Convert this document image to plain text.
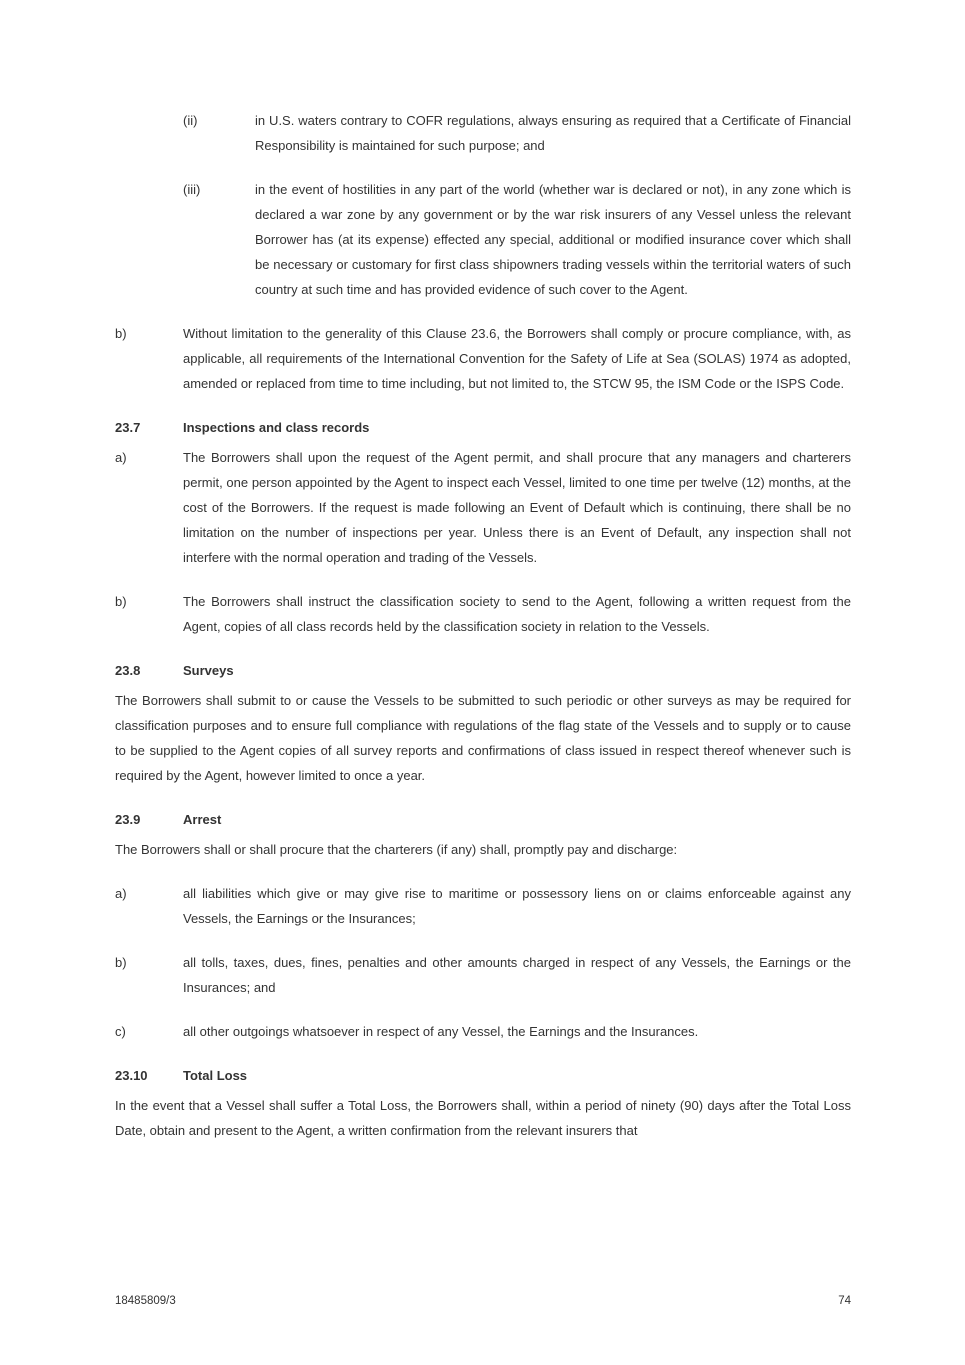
(ii)	in U.S. waters contrary to COFR regulations, always ensuring as required that a Certificate of Financial Responsibility is maintained for such purpose; and
(iii)	in the event of hostilities in any part of the world (whether war is declared or not), in any zone which is declared a war zone by any government or by the war risk insurers of any Vessel unless the relevant Borrower has (at its expense) effected any special, additional or modified insurance cover which shall be necessary or customary for first class shipowners trading vessels within the territorial waters of such country at such time and has provided evidence of such cover to the Agent.
b)	Without limitation to the generality of this Clause 23.6, the Borrowers shall comply or procure compliance, with, as applicable, all requirements of the International Convention for the Safety of Life at Sea (SOLAS) 1974 as adopted, amended or replaced from time to time including, but not limited to, the STCW 95, the ISM Code or the ISPS Code.
23.7	Inspections and class records
a)	The Borrowers shall upon the request of the Agent permit, and shall procure that any managers and charterers permit, one person appointed by the Agent to inspect each Vessel, limited to one time per twelve (12) months, at the cost of the Borrowers. If the request is made following an Event of Default which is continuing, there shall be no limitation on the number of inspections per year. Unless there is an Event of Default, any inspection shall not interfere with the normal operation and trading of the Vessels.
b)	The Borrowers shall instruct the classification society to send to the Agent, following a written request from the Agent, copies of all class records held by the classification society in relation to the Vessels.
23.8	Surveys
The Borrowers shall submit to or cause the Vessels to be submitted to such periodic or other surveys as may be required for classification purposes and to ensure full compliance with regulations of the flag state of the Vessels and to supply or to cause to be supplied to the Agent copies of all survey reports and confirmations of class issued in respect thereof whenever such is required by the Agent, however limited to once a year.
23.9	Arrest
The Borrowers shall or shall procure that the charterers (if any) shall, promptly pay and discharge:
a)	all liabilities which give or may give rise to maritime or possessory liens on or claims enforceable against any Vessels, the Earnings or the Insurances;
b)	all tolls, taxes, dues, fines, penalties and other amounts charged in respect of any Vessels, the Earnings or the Insurances; and
c)	all other outgoings whatsoever in respect of any Vessel, the Earnings and the Insurances.
23.10	Total Loss
In the event that a Vessel shall suffer a Total Loss, the Borrowers shall, within a period of ninety (90) days after the Total Loss Date, obtain and present to the Agent, a written confirmation from the relevant insurers that
18485809/3	74
